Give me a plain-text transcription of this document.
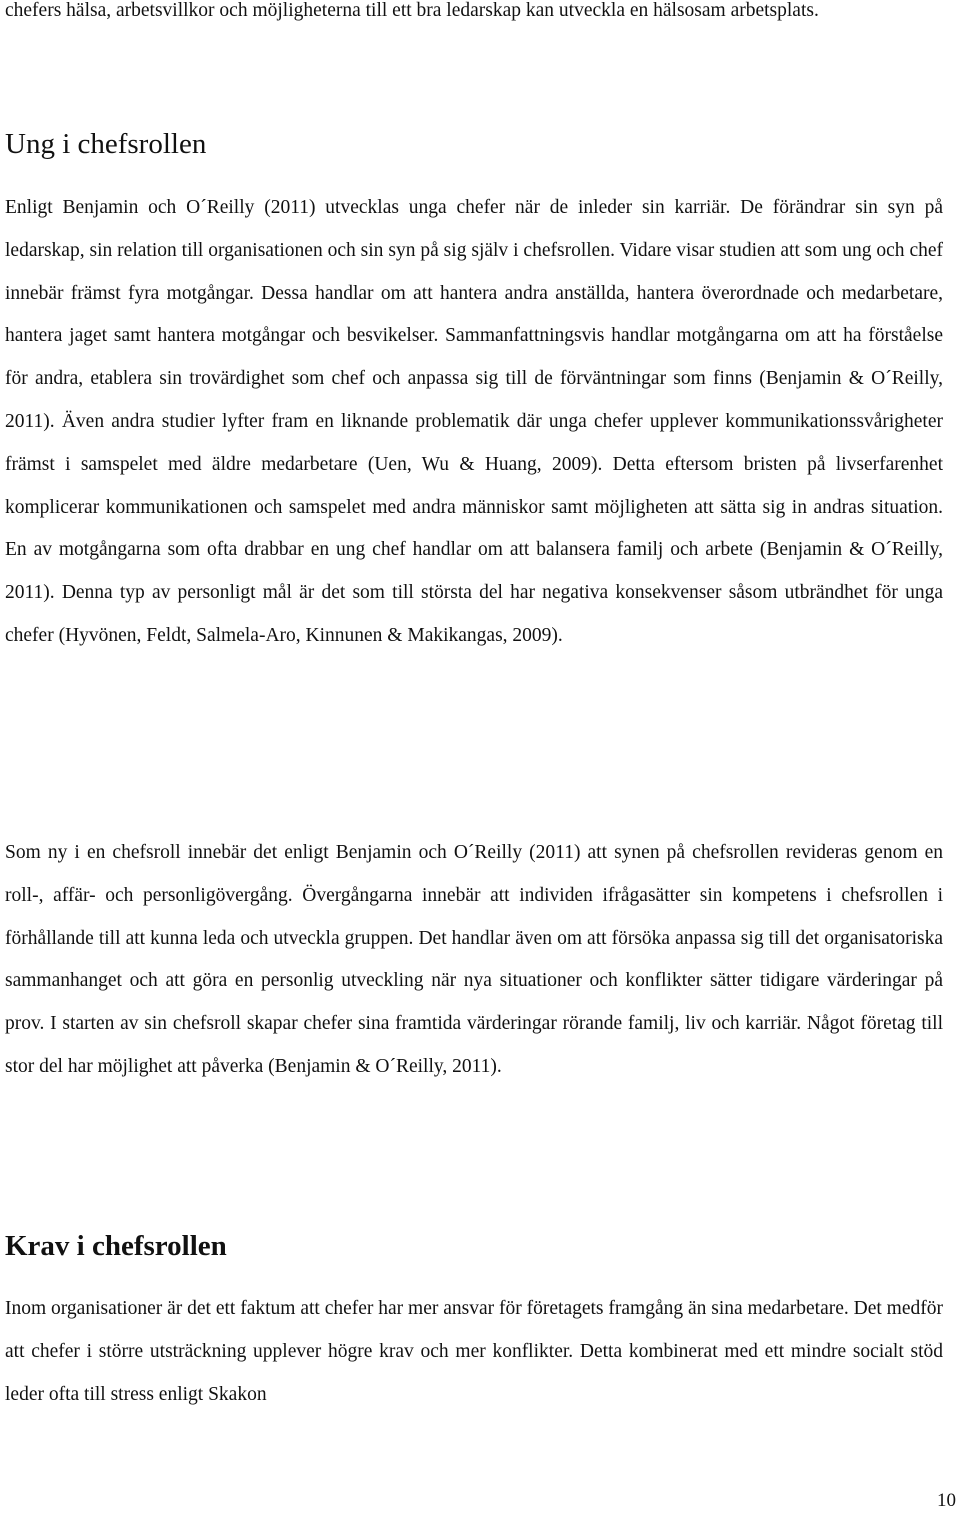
chefers hälsa, arbetsvillkor och möjligheterna till ett bra ledarskap kan utveckla en hälsosam arbetsplats.

Ung i chefsrollen

Enligt Benjamin och O´Reilly (2011) utvecklas unga chefer när de inleder sin karriär. De förändrar sin syn på ledarskap, sin relation till organisationen och sin syn på sig själv i chefsrollen. Vidare visar studien att som ung och chef innebär främst fyra motgångar. Dessa handlar om att hantera andra anställda, hantera överordnade och medarbetare, hantera jaget samt hantera motgångar och besvikelser. Sammanfattningsvis handlar motgångarna om att ha förståelse för andra, etablera sin trovärdighet som chef och anpassa sig till de förväntningar som finns (Benjamin & O´Reilly, 2011). Även andra studier lyfter fram en liknande problematik där unga chefer upplever kommunikationssvårigheter främst i samspelet med äldre medarbetare (Uen, Wu & Huang, 2009). Detta eftersom bristen på livserfarenhet komplicerar kommunikationen och samspelet med andra människor samt möjligheten att sätta sig in andras situation. En av motgångarna som ofta drabbar en ung chef handlar om att balansera familj och arbete (Benjamin & O´Reilly, 2011). Denna typ av personligt mål är det som till största del har negativa konsekvenser såsom utbrändhet för unga chefer (Hyvönen, Feldt, Salmela-Aro, Kinnunen & Makikangas, 2009).

Som ny i en chefsroll innebär det enligt Benjamin och O´Reilly (2011) att synen på chefsrollen revideras genom en roll-, affär- och personligövergång. Övergångarna innebär att individen ifrågasätter sin kompetens i chefsrollen i förhållande till att kunna leda och utveckla gruppen. Det handlar även om att försöka anpassa sig till det organisatoriska sammanhanget och att göra en personlig utveckling när nya situationer och konflikter sätter tidigare värderingar på prov. I starten av sin chefsroll skapar chefer sina framtida värderingar rörande familj, liv och karriär. Något företag till stor del har möjlighet att påverka (Benjamin & O´Reilly, 2011).

Krav i chefsrollen

Inom organisationer är det ett faktum att chefer har mer ansvar för företagets framgång än sina medarbetare. Det medför att chefer i större utsträckning upplever högre krav och mer konflikter. Detta kombinerat med ett mindre socialt stöd leder ofta till stress enligt Skakon

10
